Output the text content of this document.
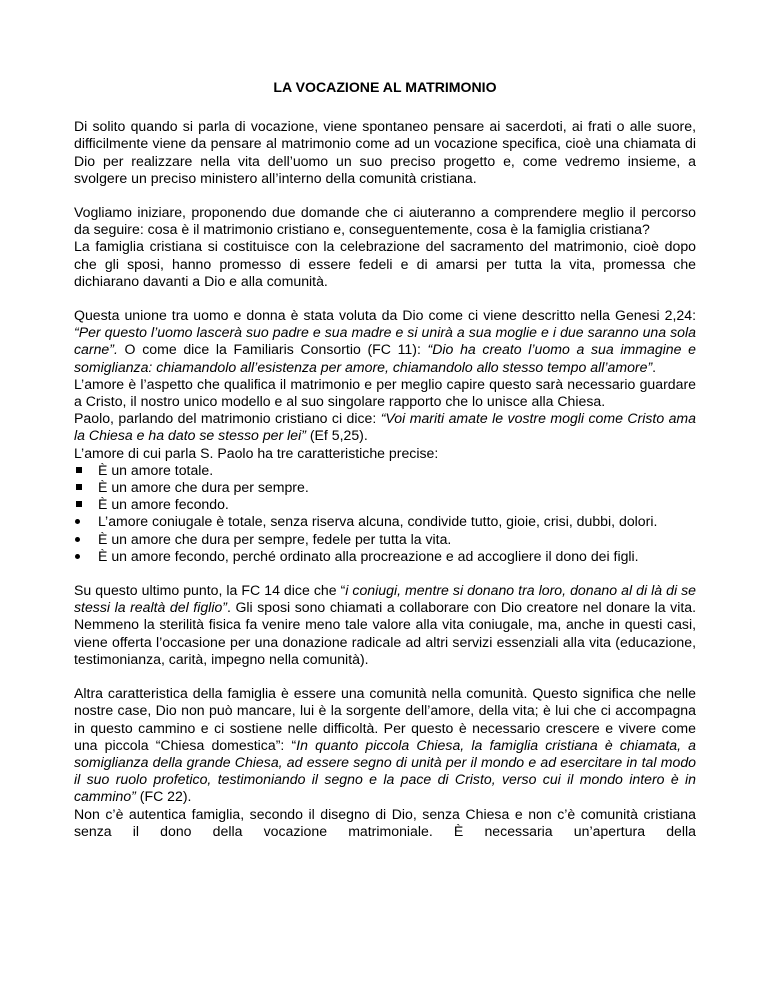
LA VOCAZIONE AL MATRIMONIO

Di solito quando si parla di vocazione, viene spontaneo pensare ai sacerdoti, ai frati o alle suore, difficilmente viene da pensare al matrimonio come ad un vocazione specifica, cioè una chiamata di Dio per realizzare nella vita dell’uomo un suo preciso progetto e, come vedremo insieme, a svolgere un preciso ministero all’interno della comunità cristiana.

Vogliamo iniziare, proponendo due domande che ci aiuteranno a comprendere meglio il percorso da seguire: cosa è il matrimonio cristiano e, conseguentemente, cosa è la famiglia cristiana?

La famiglia cristiana si costituisce con la celebrazione del sacramento del matrimonio, cioè dopo che gli sposi, hanno promesso di essere fedeli e di amarsi per tutta la vita, promessa che dichiarano davanti a Dio e alla comunità.

Questa unione tra uomo e donna è stata voluta da Dio come ci viene descritto nella Genesi 2,24: “Per questo l’uomo lascerà suo padre e sua madre e si unirà a sua moglie e i due saranno una sola carne”. O come dice la Familiaris Consortio (FC 11): “Dio ha creato l’uomo a sua immagine e somiglianza: chiamandolo all’esistenza per amore, chiamandolo allo stesso tempo all’amore”.

L’amore è l’aspetto che qualifica il matrimonio e per meglio capire questo sarà necessario guardare a Cristo, il nostro unico modello e al suo singolare rapporto che lo unisce alla Chiesa.

Paolo, parlando del matrimonio cristiano ci dice: “Voi mariti amate le vostre mogli come Cristo ama la Chiesa e ha dato se stesso per lei” (Ef 5,25).

L’amore di cui parla S. Paolo ha tre caratteristiche precise:

È un amore totale.
È un amore che dura per sempre.
È un amore fecondo.
L’amore coniugale è totale, senza riserva alcuna, condivide tutto, gioie, crisi, dubbi, dolori.
È un amore che dura per sempre, fedele per tutta la vita.
È un amore fecondo, perché ordinato alla procreazione e ad accogliere il dono dei figli.

Su questo ultimo punto, la FC 14 dice che “i coniugi, mentre si donano tra loro, donano al di là di se stessi la realtà del figlio”. Gli sposi sono chiamati a collaborare con Dio creatore nel donare la vita. Nemmeno la sterilità fisica fa venire meno tale valore alla vita coniugale, ma, anche in questi casi, viene offerta l’occasione per una donazione radicale ad altri servizi essenziali alla vita (educazione, testimonianza, carità, impegno nella comunità).

Altra caratteristica della famiglia è essere una comunità nella comunità. Questo significa che nelle nostre case, Dio non può mancare, lui è la sorgente dell’amore, della vita; è lui che ci accompagna in questo cammino e ci sostiene nelle difficoltà. Per questo è necessario crescere e vivere come una piccola “Chiesa domestica”: “In quanto piccola Chiesa, la famiglia cristiana è chiamata, a somiglianza della grande Chiesa, ad essere segno di unità per il mondo e ad esercitare in tal modo il suo ruolo profetico, testimoniando il segno e la pace di Cristo, verso cui il mondo intero è in cammino” (FC 22).

Non c’è autentica famiglia, secondo il disegno di Dio, senza Chiesa e non c’è comunità cristiana senza il dono della vocazione matrimoniale. È necessaria un’apertura della
